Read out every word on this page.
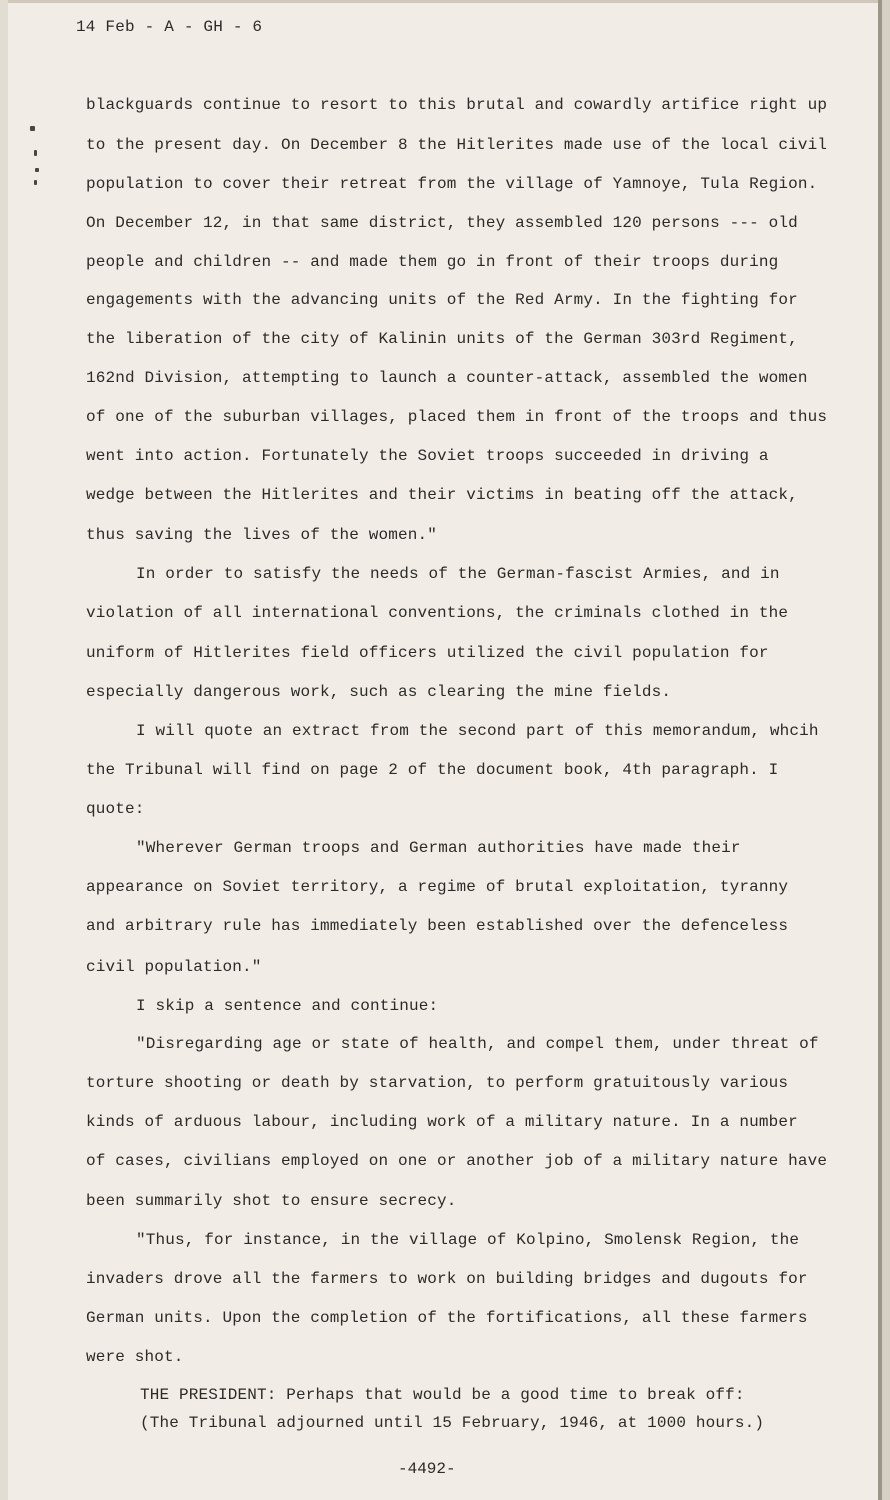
14 Feb - A - GH - 6
blackguards continue to resort to this brutal and cowardly artifice right up
to the present day. On December 8 the Hitlerites made use of the local civil
population to cover their retreat from the village of Yamnoye, Tula Region.
On December 12, in that same district, they assembled 120 persons --- old
people and children -- and made them go in front of their troops during
engagements with the advancing units of the Red Army. In the fighting for
the liberation of the city of Kalinin units of the German 303rd Regiment,
162nd Division, attempting to launch a counter-attack, assembled the women
of one of the suburban villages, placed them in front of the troops and thus
went into action. Fortunately the Soviet troops succeeded in driving a
wedge between the Hitlerites and their victims in beating off the attack,
thus saving the lives of the women."
In order to satisfy the needs of the German-fascist Armies, and in
violation of all international conventions, the criminals clothed in the
uniform of Hitlerites field officers utilized the civil population for
especially dangerous work, such as clearing the mine fields.
I will quote an extract from the second part of this memorandum, whcih
the Tribunal will find on page 2 of the document book, 4th paragraph. I
quote:
"Wherever German troops and German authorities have made their
appearance on Soviet territory, a regime of brutal exploitation, tyranny
and arbitrary rule has immediately been established over the defenceless
civil population."
I skip a sentence and continue:
"Disregarding age or state of health, and compel them, under threat of
torture shooting or death by starvation, to perform gratuitously various
kinds of arduous labour, including work of a military nature. In a number
of cases, civilians employed on one or another job of a military nature have
been summarily shot to ensure secrecy.
"Thus, for instance, in the village of Kolpino, Smolensk Region, the
invaders drove all the farmers to work on building bridges and dugouts for
German units. Upon the completion of the fortifications, all these farmers
were shot.
THE PRESIDENT: Perhaps that would be a good time to break off:
(The Tribunal adjourned until 15 February, 1946, at 1000 hours.)
-4492-
